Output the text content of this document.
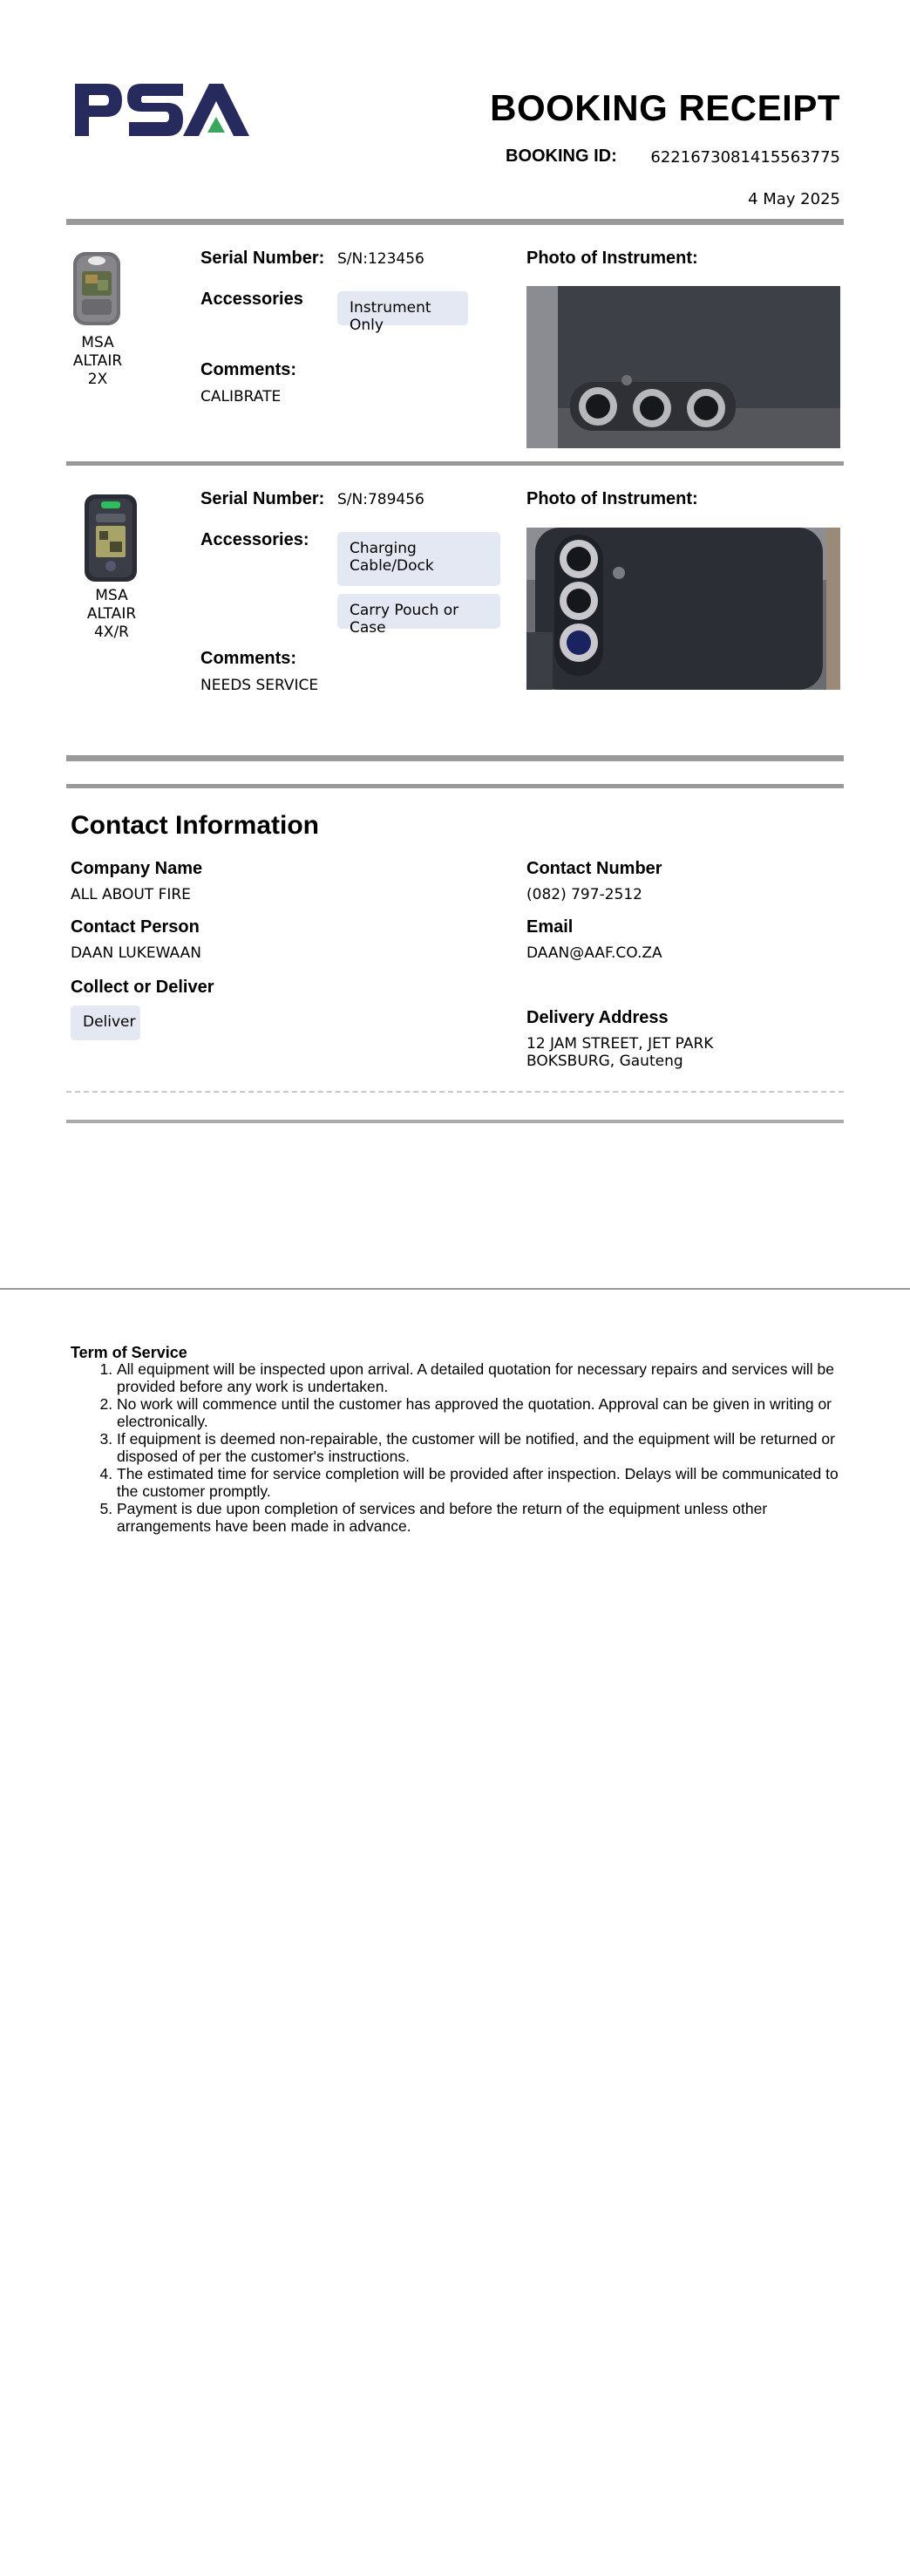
BOOKING RECEIPT
BOOKING ID: 6221673081415563775
4 May 2025
MSA
ALTAIR
2X
Serial Number: S/N:123456
Accessories	Instrument Only
Comments:
CALIBRATE
Photo of Instrument:
MSA
ALTAIR
4X/R
Serial Number: S/N:789456
Accessories:	Charging Cable/Dock
Carry Pouch or Case
Comments:
NEEDS SERVICE
Photo of Instrument:
Contact Information
Company Name
ALL ABOUT FIRE
Contact Number
(082) 797-2512
Contact Person
DAAN LUKEWAAN
Email
DAAN@AAF.CO.ZA
Collect or Deliver
Deliver	Delivery Address
12 JAM STREET, JET PARK
BOKSBURG, Gauteng
Term of Service
1. All equipment will be inspected upon arrival. A detailed quotation for necessary repairs and services will be provided before any work is undertaken.
2. No work will commence until the customer has approved the quotation. Approval can be given in writing or electronically.
3. If equipment is deemed non-repairable, the customer will be notified, and the equipment will be returned or disposed of per the customer's instructions.
4. The estimated time for service completion will be provided after inspection. Delays will be communicated to the customer promptly.
5. Payment is due upon completion of services and before the return of the equipment unless other arrangements have been made in advance.
